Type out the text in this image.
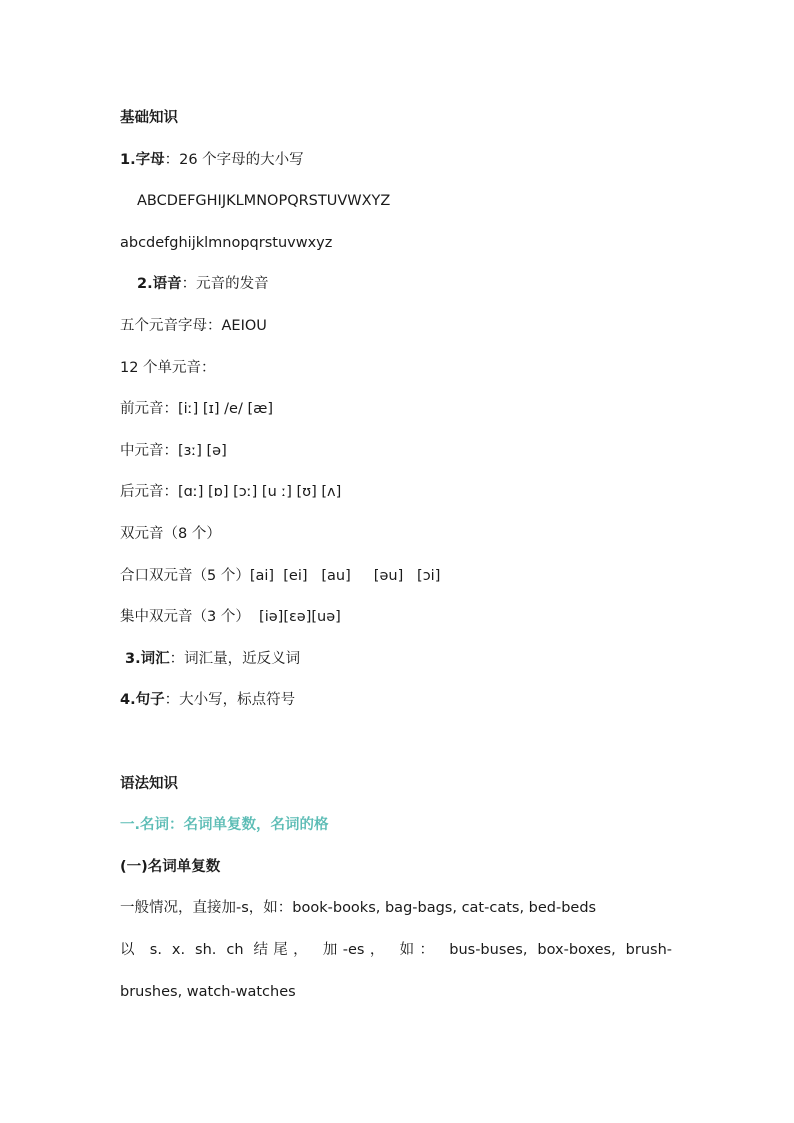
基础知识
1.字母：26 个字母的大小写
ABCDEFGHIJKLMNOPQRSTUVWXYZ
abcdefghijklmnopqrstuvwxyz
2.语音：元音的发音
五个元音字母：AEIOU
12 个单元音：
前元音：[iː] [ɪ] /e/ [æ]
中元音：[ɜː] [ə]
后元音：[ɑː] [ɒ] [ɔː] [u ː] [ʊ] [ʌ]
双元音（8 个）
合口双元音（5 个）[ai]  [ei]   [au]     [əu]   [ɔi]
集中双元音（3 个）  [iə][ɛə][uə]
3.词汇：词汇量，近反义词
4.句子：大小写，标点符号
语法知识
一.名词：名词单复数，名词的格
(一)名词单复数
一般情况，直接加-s，如：book-books, bag-bags, cat-cats, bed-beds
以 s. x. sh. ch 结尾， 加-es， 如： bus-buses, box-boxes, brush-
brushes, watch-watches
